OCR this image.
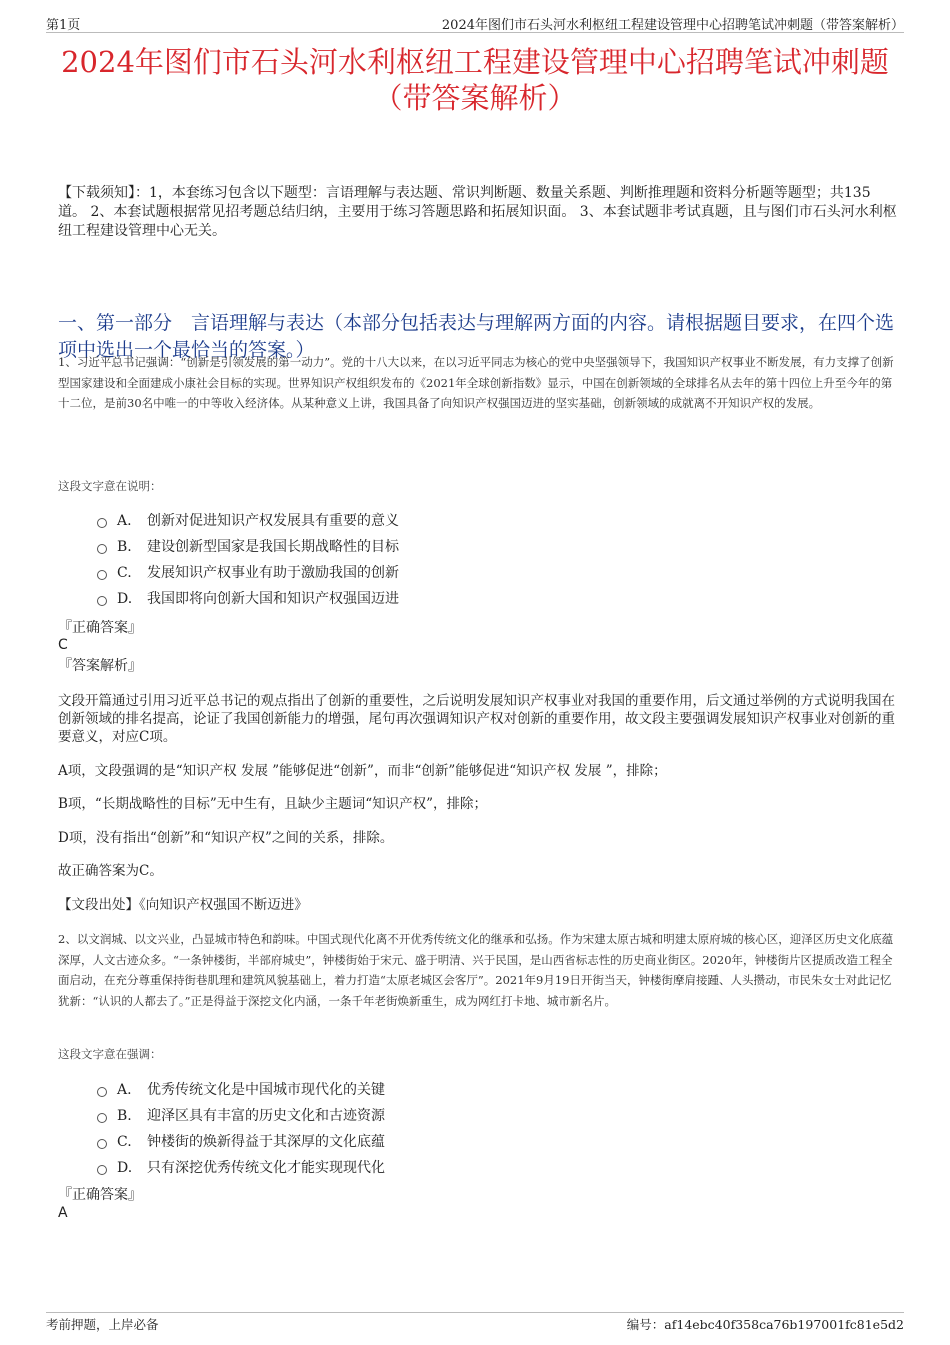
第1页	2024年图们市石头河水利枢纽工程建设管理中心招聘笔试冲刺题（带答案解析）
2024年图们市石头河水利枢纽工程建设管理中心招聘笔试冲刺题（带答案解析）
【下载须知】：1，本套练习包含以下题型：言语理解与表达题、常识判断题、数量关系题、判断推理题和资料分析题等题型；共135道。 2、本套试题根据常见招考题总结归纳，主要用于练习答题思路和拓展知识面。 3、本套试题非考试真题，且与图们市石头河水利枢纽工程建设管理中心无关。
一、第一部分　言语理解与表达（本部分包括表达与理解两方面的内容。请根据题目要求，在四个选项中选出一个最恰当的答案。）
1、习近平总书记强调：“创新是引领发展的第一动力”。党的十八大以来，在以习近平同志为核心的党中央坚强领导下，我国知识产权事业不断发展，有力支撑了创新型国家建设和全面建成小康社会目标的实现。世界知识产权组织发布的《2021年全球创新指数》显示，中国在创新领域的全球排名从去年的第十四位上升至今年的第十二位，是前30名中唯一的中等收入经济体。从某种意义上讲，我国具备了向知识产权强国迈进的坚实基础，创新领域的成就离不开知识产权的发展。
这段文字意在说明：
A.	创新对促进知识产权发展具有重要的意义
B.	建设创新型国家是我国长期战略性的目标
C.	发展知识产权事业有助于激励我国的创新
D.	我国即将向创新大国和知识产权强国迈进
『正确答案』
C
『答案解析』
文段开篇通过引用习近平总书记的观点指出了创新的重要性，之后说明发展知识产权事业对我国的重要作用，后文通过举例的方式说明我国在创新领域的排名提高，论证了我国创新能力的增强，尾句再次强调知识产权对创新的重要作用，故文段主要强调发展知识产权事业对创新的重要意义，对应C项。
A项，文段强调的是“知识产权 发展 ”能够促进“创新”，而非“创新”能够促进“知识产权 发展 ”，排除；
B项，“长期战略性的目标”无中生有，且缺少主题词“知识产权”，排除；
D项，没有指出“创新”和“知识产权”之间的关系，排除。
故正确答案为C。
【文段出处】《向知识产权强国不断迈进》
2、以文润城、以文兴业，凸显城市特色和韵味。中国式现代化离不开优秀传统文化的继承和弘扬。作为宋建太原古城和明建太原府城的核心区，迎泽区历史文化底蕴深厚，人文古迹众多。“一条钟楼街，半部府城史”，钟楼街始于宋元、盛于明清、兴于民国，是山西省标志性的历史商业街区。2020年，钟楼街片区提质改造工程全面启动，在充分尊重保持街巷肌理和建筑风貌基础上，着力打造“太原老城区会客厅”。2021年9月19日开街当天，钟楼街摩肩接踵、人头攒动，市民朱女士对此记忆犹新：“认识的人都去了。”正是得益于深挖文化内涵，一条千年老街焕新重生，成为网红打卡地、城市新名片。
这段文字意在强调：
A.	优秀传统文化是中国城市现代化的关键
B.	迎泽区具有丰富的历史文化和古迹资源
C.	钟楼街的焕新得益于其深厚的文化底蕴
D.	只有深挖优秀传统文化才能实现现代化
『正确答案』
A
考前押题，上岸必备	编号：af14ebc40f358ca76b197001fc81e5d2
